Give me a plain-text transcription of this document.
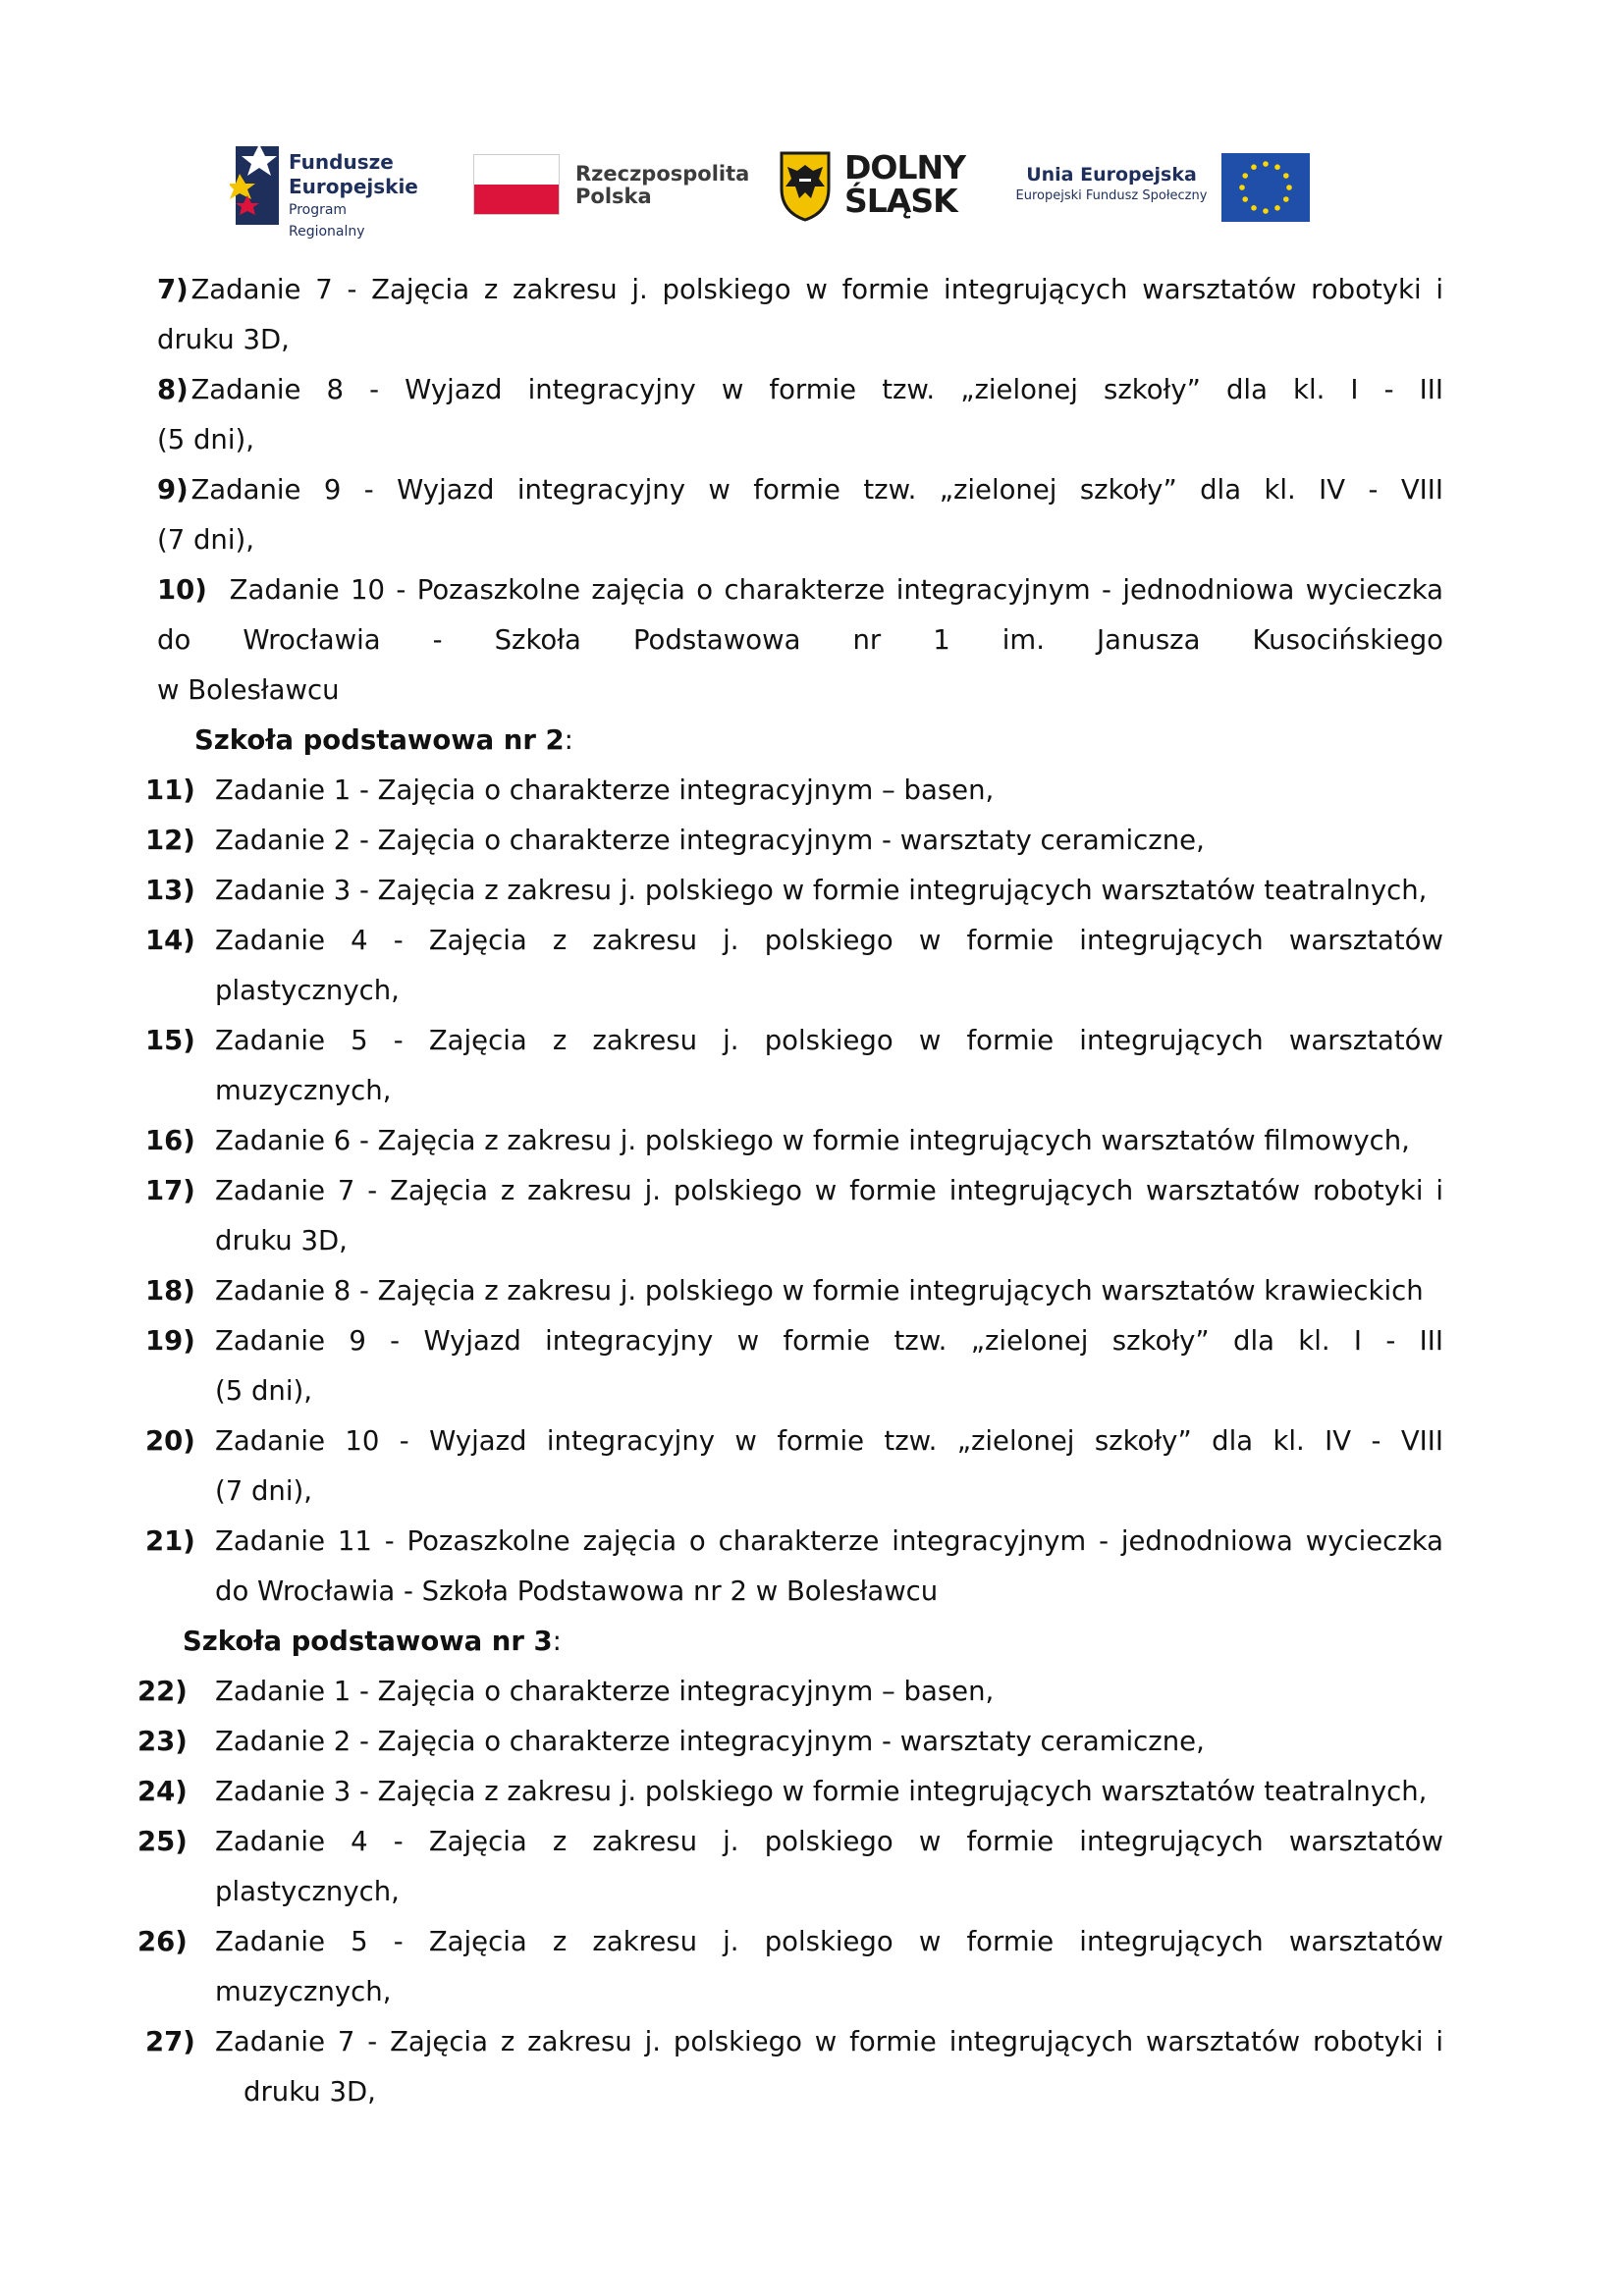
Fundusze
Europejskie
Program Regionalny
Rzeczpospolita
Polska
DOLNY
ŚLĄSK
Unia Europejska
Europejski Fundusz Społeczny
7)  Zadanie 7 - Zajęcia z zakresu j. polskiego w formie integrujących warsztatów robotyki i
druku 3D,
8)  Zadanie 8 - Wyjazd integracyjny w formie tzw. „zielonej szkoły” dla kl. I - III
(5 dni),
9)  Zadanie 9 - Wyjazd integracyjny w formie tzw. „zielonej szkoły” dla kl. IV - VIII
(7 dni),
10) Zadanie 10 - Pozaszkolne zajęcia o charakterze integracyjnym - jednodniowa wycieczka
do Wrocławia - Szkoła Podstawowa nr 1 im. Janusza Kusocińskiego
w Bolesławcu
Szkoła podstawowa nr 2:
11) Zadanie 1 - Zajęcia o charakterze integracyjnym – basen,
12) Zadanie 2 - Zajęcia o charakterze integracyjnym - warsztaty ceramiczne,
13) Zadanie 3 - Zajęcia z zakresu j. polskiego w formie integrujących warsztatów teatralnych,
14) Zadanie 4 - Zajęcia z zakresu j. polskiego w formie integrujących warsztatów
plastycznych,
15) Zadanie 5 - Zajęcia z zakresu j. polskiego w formie integrujących warsztatów
muzycznych,
16) Zadanie 6 - Zajęcia z zakresu j. polskiego w formie integrujących warsztatów filmowych,
17) Zadanie 7 - Zajęcia z zakresu j. polskiego w formie integrujących warsztatów robotyki i
druku 3D,
18) Zadanie 8 - Zajęcia z zakresu j. polskiego w formie integrujących warsztatów krawieckich
19) Zadanie 9 - Wyjazd integracyjny w formie tzw. „zielonej szkoły” dla kl. I - III
(5 dni),
20) Zadanie 10 - Wyjazd integracyjny w formie tzw. „zielonej szkoły” dla kl. IV - VIII
(7 dni),
21) Zadanie 11 - Pozaszkolne zajęcia o charakterze integracyjnym - jednodniowa wycieczka
do Wrocławia - Szkoła Podstawowa nr 2 w Bolesławcu
Szkoła podstawowa nr 3:
22) Zadanie 1 - Zajęcia o charakterze integracyjnym – basen,
23) Zadanie 2 - Zajęcia o charakterze integracyjnym - warsztaty ceramiczne,
24) Zadanie 3 - Zajęcia z zakresu j. polskiego w formie integrujących warsztatów teatralnych,
25) Zadanie 4 - Zajęcia z zakresu j. polskiego w formie integrujących warsztatów
plastycznych,
26) Zadanie 5 - Zajęcia z zakresu j. polskiego w formie integrujących warsztatów
muzycznych,
27) Zadanie 7 - Zajęcia z zakresu j. polskiego w formie integrujących warsztatów robotyki i
druku 3D,
